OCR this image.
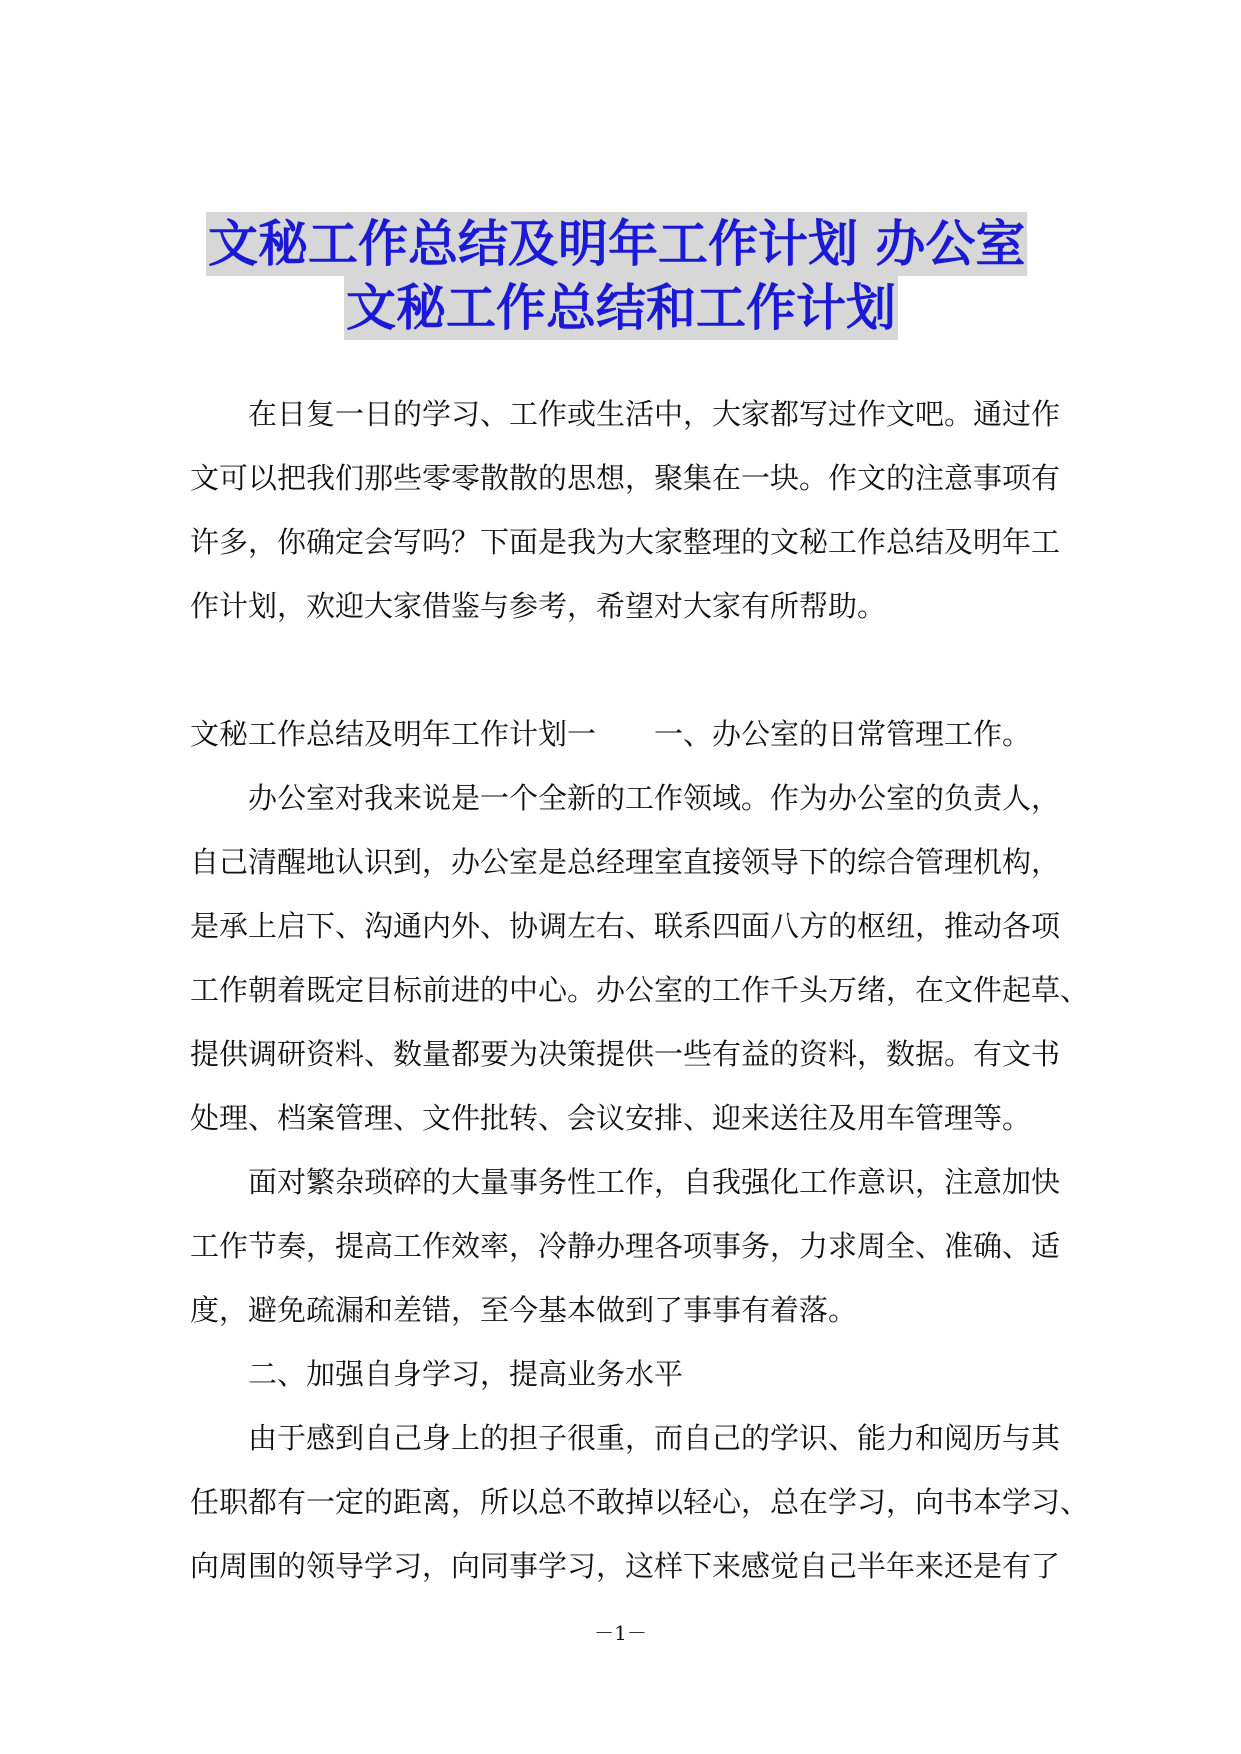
文秘工作总结及明年工作计划 办公室
文秘工作总结和工作计划

在日复一日的学习、工作或生活中，大家都写过作文吧。通过作

文可以把我们那些零零散散的思想，聚集在一块。作文的注意事项有

许多，你确定会写吗？下面是我为大家整理的文秘工作总结及明年工

作计划，欢迎大家借鉴与参考，希望对大家有所帮助。

文秘工作总结及明年工作计划一　　一、办公室的日常管理工作。

办公室对我来说是一个全新的工作领域。作为办公室的负责人，

自己清醒地认识到，办公室是总经理室直接领导下的综合管理机构，

是承上启下、沟通内外、协调左右、联系四面八方的枢纽，推动各项

工作朝着既定目标前进的中心。办公室的工作千头万绪，在文件起草、

提供调研资料、数量都要为决策提供一些有益的资料，数据。有文书

处理、档案管理、文件批转、会议安排、迎来送往及用车管理等。

面对繁杂琐碎的大量事务性工作，自我强化工作意识，注意加快

工作节奏，提高工作效率，冷静办理各项事务，力求周全、准确、适

度，避免疏漏和差错，至今基本做到了事事有着落。

二、加强自身学习，提高业务水平

由于感到自己身上的担子很重，而自己的学识、能力和阅历与其

任职都有一定的距离，所以总不敢掉以轻心，总在学习，向书本学习、

向周围的领导学习，向同事学习，这样下来感觉自己半年来还是有了

－1－
